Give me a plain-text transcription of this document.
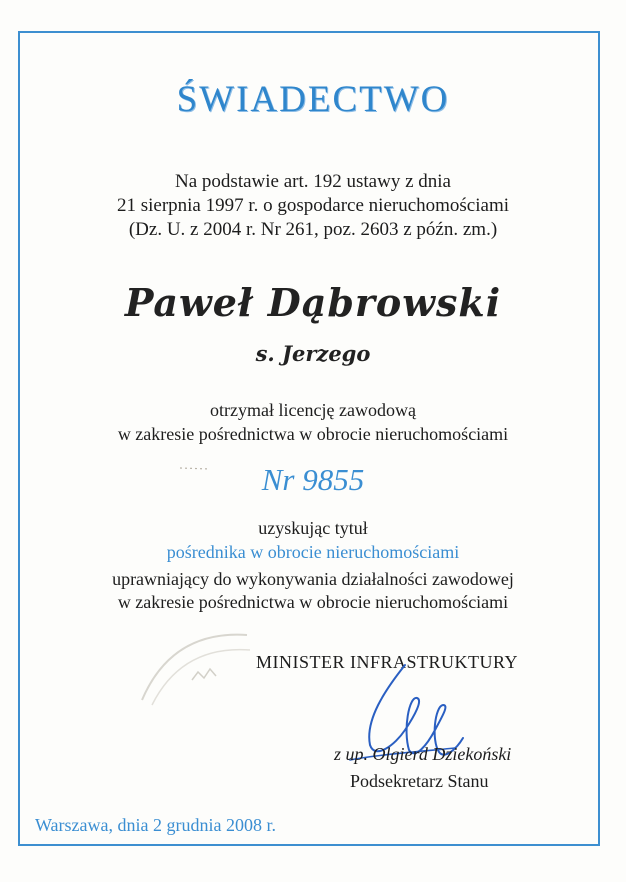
ŚWIADECTWO
Na podstawie art. 192 ustawy z dnia
21 sierpnia 1997 r. o gospodarce nieruchomościami
(Dz. U. z 2004 r. Nr 261, poz. 2603 z późn. zm.)
Paweł Dąbrowski
s. Jerzego
otrzymał licencję zawodową
w zakresie pośrednictwa w obrocie nieruchomościami
Nr 9855
uzyskując tytuł
pośrednika w obrocie nieruchomościami
uprawniający do wykonywania działalności zawodowej
w zakresie pośrednictwa w obrocie nieruchomościami
MINISTER INFRASTRUKTURY
z up. Olgierd Dziekoński
Podsekretarz Stanu
Warszawa, dnia 2 grudnia 2008 r.
